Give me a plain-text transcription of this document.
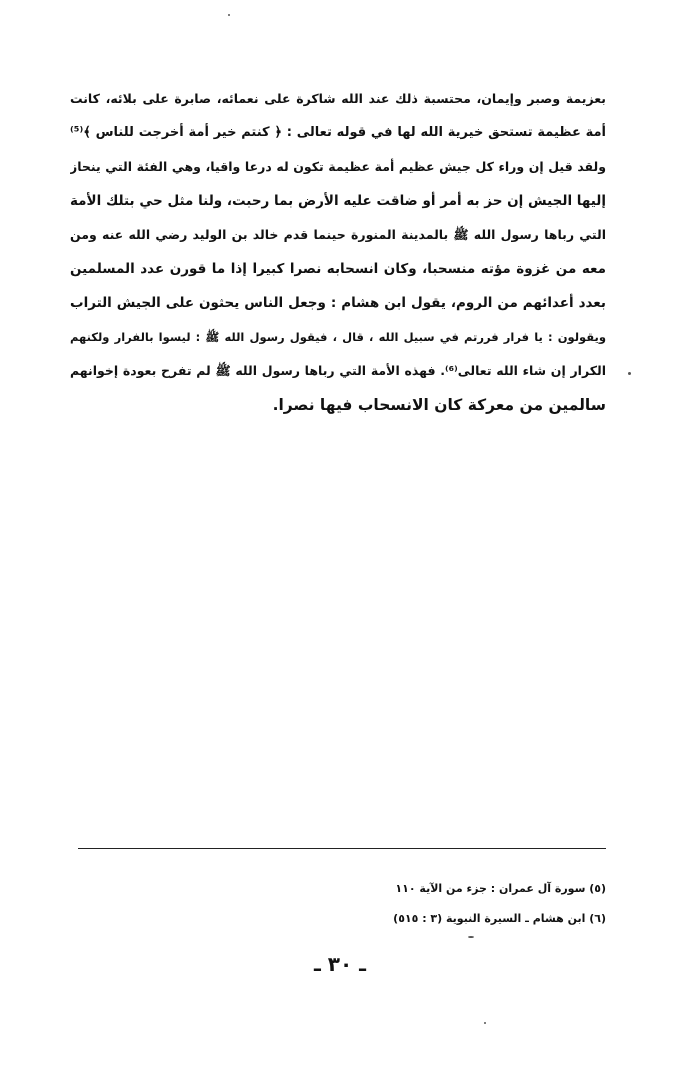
بعزيمة وصبر وإيمان، محتسبة ذلك عند الله شاكرة على نعمائه، صابرة على بلائه، كانت
أمة عظيمة تستحق خيرية الله لها في قوله تعالى : ﴿ كنتم خير أمة أخرجت للناس ﴾⁽⁵⁾
ولقد قيل إن وراء كل جيش عظيم أمة عظيمة تكون له درعا واقيا، وهي الفئة التي ينحاز
إليها الجيش إن حز به أمر أو ضاقت عليه الأرض بما رحبت، ولنا مثل حي بتلك الأمة
التي رباها رسول الله ﷺ بالمدينة المنورة حينما قدم خالد بن الوليد رضي الله عنه ومن
معه من غزوة مؤته منسحبا، وكان انسحابه نصرا كبيرا إذا ما قورن عدد المسلمين
بعدد أعدائهم من الروم، يقول ابن هشام : وجعل الناس يحثون على الجيش التراب
ويقولون : يا فرار فررتم في سبيل الله ، قال ، فيقول رسول الله ﷺ : ليسوا بالفرار ولكنهم
الكرار إن شاء الله تعالى⁽⁶⁾. فهذه الأمة التي رباها رسول الله ﷺ لم تفرح بعودة إخوانهم
سالمين من معركة كان الانسحاب فيها نصرا.
(٥) سورة آل عمران : جزء من الآية ١١٠
(٦) ابن هشام ـ السيرة النبوية (٣ : ٥١٥)
ـ ٣٠ ـ
